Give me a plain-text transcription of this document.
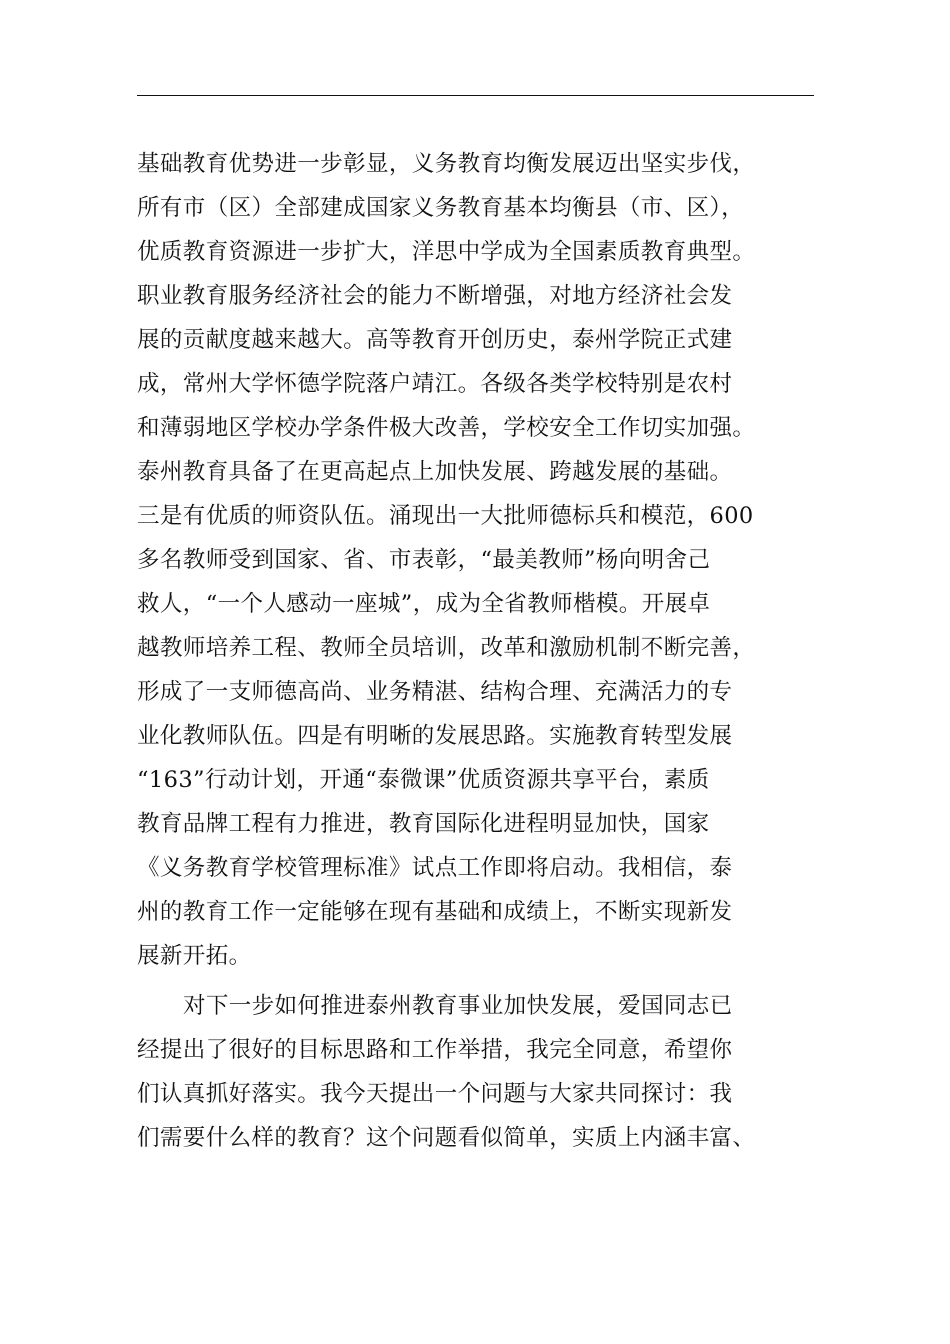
基础教育优势进一步彰显，义务教育均衡发展迈出坚实步伐，
所有市（区）全部建成国家义务教育基本均衡县（市、区），
优质教育资源进一步扩大，洋思中学成为全国素质教育典型。
职业教育服务经济社会的能力不断增强，对地方经济社会发
展的贡献度越来越大。高等教育开创历史，泰州学院正式建
成，常州大学怀德学院落户靖江。各级各类学校特别是农村
和薄弱地区学校办学条件极大改善，学校安全工作切实加强。
泰州教育具备了在更高起点上加快发展、跨越发展的基础。
三是有优质的师资队伍。涌现出一大批师德标兵和模范，600
多名教师受到国家、省、市表彰，“最美教师”杨向明舍己
救人，“一个人感动一座城”，成为全省教师楷模。开展卓
越教师培养工程、教师全员培训，改革和激励机制不断完善，
形成了一支师德高尚、业务精湛、结构合理、充满活力的专
业化教师队伍。四是有明晰的发展思路。实施教育转型发展
“163”行动计划，开通“泰微课”优质资源共享平台，素质
教育品牌工程有力推进，教育国际化进程明显加快，国家
《义务教育学校管理标准》试点工作即将启动。我相信，泰
州的教育工作一定能够在现有基础和成绩上，不断实现新发
展新开拓。
对下一步如何推进泰州教育事业加快发展，爱国同志已
经提出了很好的目标思路和工作举措，我完全同意，希望你
们认真抓好落实。我今天提出一个问题与大家共同探讨：我
们需要什么样的教育？这个问题看似简单，实质上内涵丰富、
